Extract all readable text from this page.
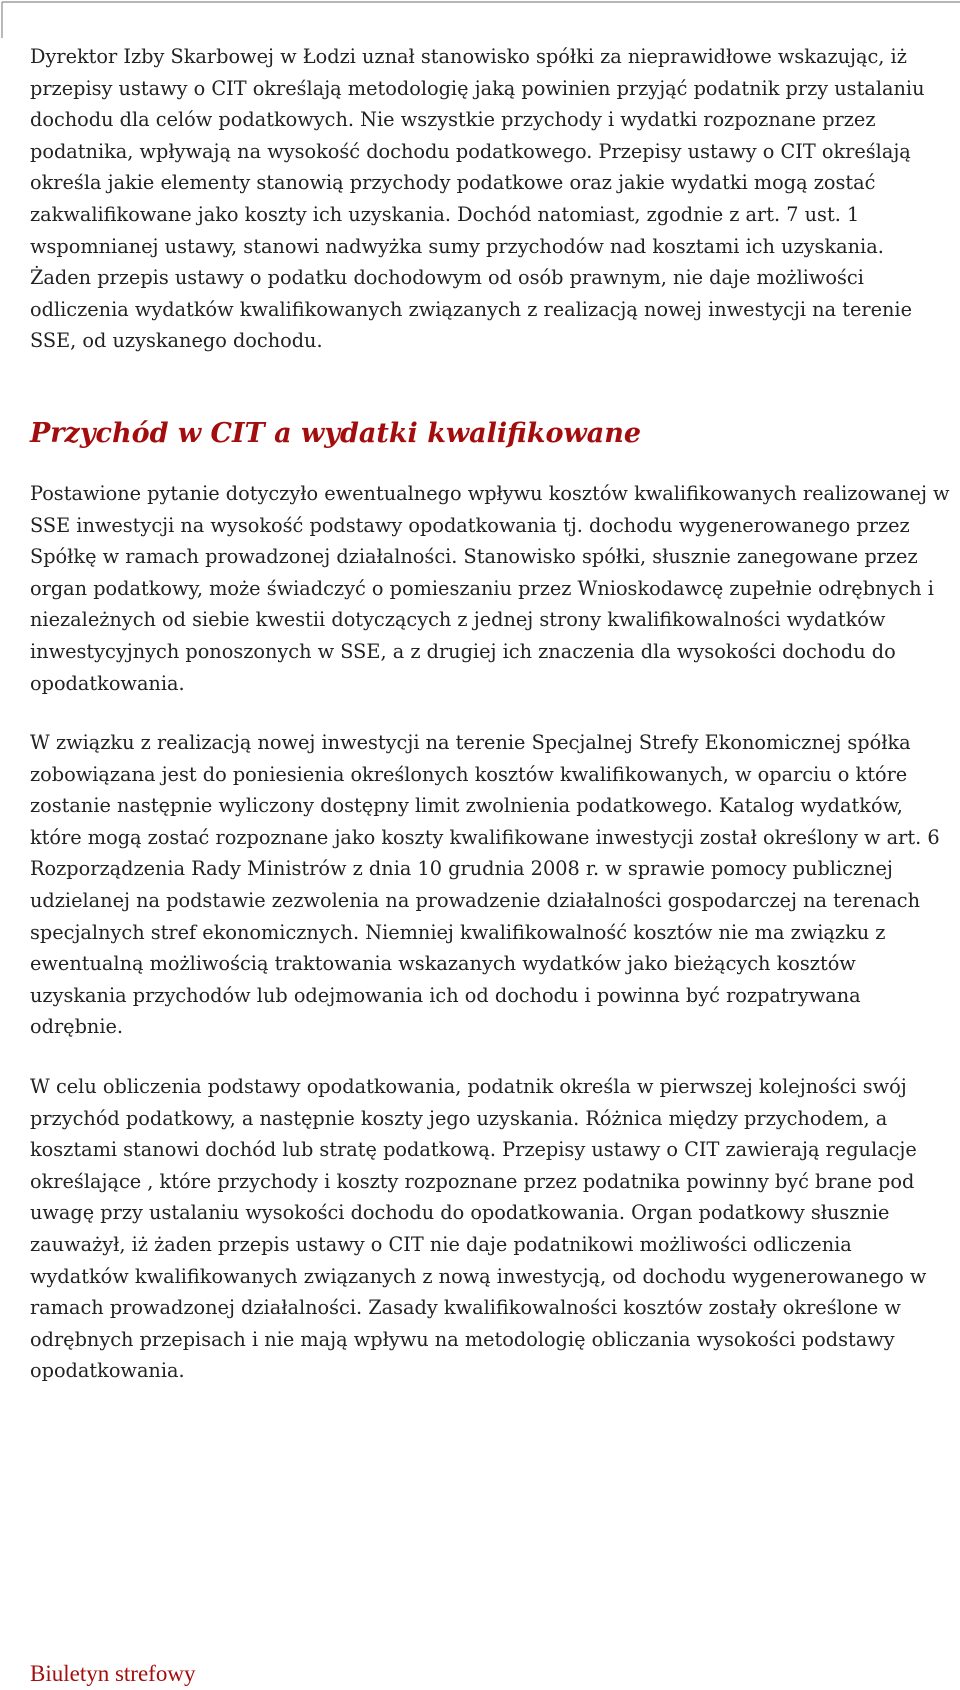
Dyrektor Izby Skarbowej w Łodzi uznał stanowisko spółki za nieprawidłowe wskazując, iż przepisy ustawy o CIT określają metodologię jaką powinien przyjąć podatnik przy ustalaniu dochodu dla celów podatkowych. Nie wszystkie przychody i wydatki rozpoznane przez podatnika, wpływają na wysokość dochodu podatkowego. Przepisy ustawy o CIT określają określa jakie elementy stanowią przychody podatkowe oraz jakie wydatki mogą zostać zakwalifikowane jako koszty ich uzyskania. Dochód natomiast, zgodnie z art. 7 ust. 1 wspomnianej ustawy, stanowi nadwyżka sumy przychodów nad kosztami ich uzyskania. Żaden przepis ustawy o podatku dochodowym od osób prawnym, nie daje możliwości odliczenia wydatków kwalifikowanych związanych z realizacją nowej inwestycji na terenie SSE, od uzyskanego dochodu.

Przychód w CIT a wydatki kwalifikowane

Postawione pytanie dotyczyło ewentualnego wpływu kosztów kwalifikowanych realizowanej w SSE inwestycji na wysokość podstawy opodatkowania tj. dochodu wygenerowanego przez Spółkę w ramach prowadzonej działalności. Stanowisko spółki, słusznie zanegowane przez organ podatkowy, może świadczyć o pomieszaniu przez Wnioskodawcę zupełnie odrębnych i niezależnych od siebie kwestii dotyczących z jednej strony kwalifikowalności wydatków inwestycyjnych ponoszonych w SSE, a z drugiej ich znaczenia dla wysokości dochodu do opodatkowania.

W związku z realizacją nowej inwestycji na terenie Specjalnej Strefy Ekonomicznej spółka zobowiązana jest do poniesienia określonych kosztów kwalifikowanych, w oparciu o które zostanie następnie wyliczony dostępny limit zwolnienia podatkowego. Katalog wydatków, które mogą zostać rozpoznane jako koszty kwalifikowane inwestycji został określony w art. 6 Rozporządzenia Rady Ministrów z dnia 10 grudnia 2008 r. w sprawie pomocy publicznej udzielanej na podstawie zezwolenia na prowadzenie działalności gospodarczej na terenach specjalnych stref ekonomicznych. Niemniej kwalifikowalność kosztów nie ma związku z ewentualną możliwością traktowania wskazanych wydatków jako bieżących kosztów uzyskania przychodów lub odejmowania ich od dochodu i powinna być rozpatrywana odrębnie.

W celu obliczenia podstawy opodatkowania, podatnik określa w pierwszej kolejności swój przychód podatkowy, a następnie koszty jego uzyskania. Różnica między przychodem, a kosztami stanowi dochód lub stratę podatkową. Przepisy ustawy o CIT zawierają regulacje określające , które przychody i koszty rozpoznane przez podatnika powinny być brane pod uwagę przy ustalaniu wysokości dochodu do opodatkowania. Organ podatkowy słusznie zauważył, iż żaden przepis ustawy o CIT nie daje podatnikowi możliwości odliczenia wydatków kwalifikowanych związanych z nową inwestycją, od dochodu wygenerowanego w ramach prowadzonej działalności. Zasady kwalifikowalności kosztów zostały określone w odrębnych przepisach i nie mają wpływu na metodologię obliczania wysokości podstawy opodatkowania.

Biuletyn strefowy
